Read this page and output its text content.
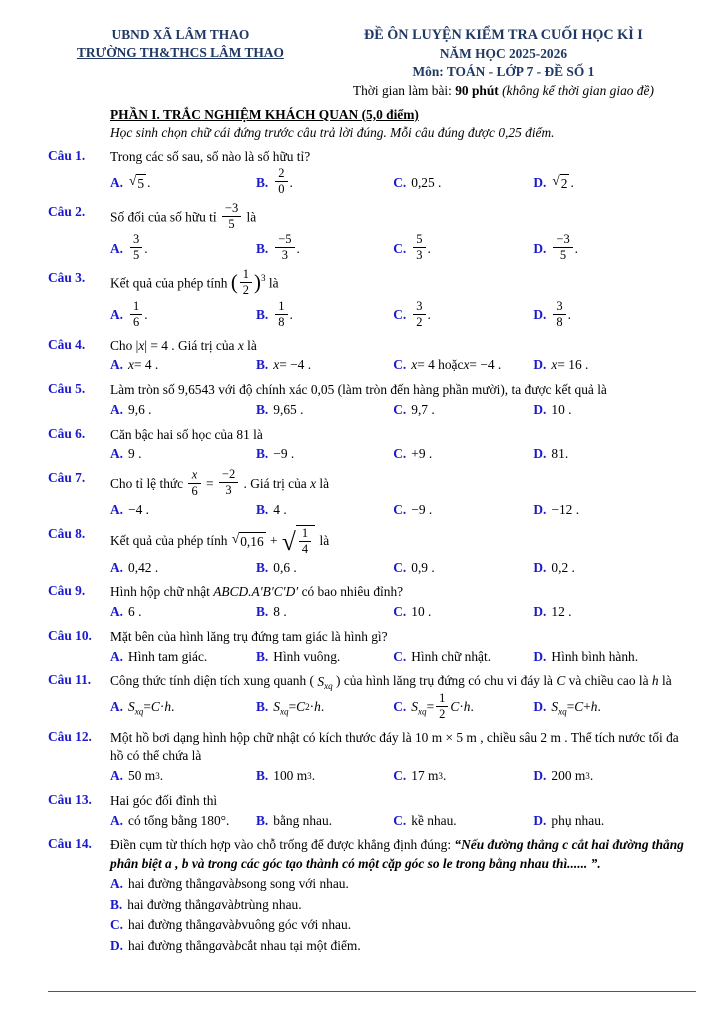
UBND XÃ LÂM THAO
TRƯỜNG TH&THCS LÂM THAO
ĐỀ ÔN LUYỆN KIỂM TRA CUỐI HỌC KÌ I
NĂM HỌC 2025-2026
Môn: TOÁN - LỚP 7 - ĐỀ SỐ 1
Thời gian làm bài: 90 phút (không kể thời gian giao đề)
PHẦN I. TRẮC NGHIỆM KHÁCH QUAN (5,0 điểm)
Học sinh chọn chữ cái đứng trước câu trả lời đúng. Mỗi câu đúng được 0,25 điểm.
Câu 1.	Trong các số sau, số nào là số hữu tỉ?
A. √ 5 .	B. $\frac{2}{0}$ .	C. 0,25 .	D. √ 2 .
Câu 2.	Số đối của số hữu tỉ $\frac{-3}{5}$ là
A. $\frac{3}{5}$ .	B. $\frac{-5}{3}$ .	C. $\frac{5}{3}$ .	D. $\frac{-3}{5}$ .
Câu 3.	Kết quả của phép tính ( $\frac{1}{2} )^3$ là
A. $\frac{1}{6}$ .	B. $\frac{1}{8}$ .	C. $\frac{3}{2}$ .	D. $\frac{3}{8}$ .
Câu 4.	Cho |x| = 4 . Giá trị của x là
A. x = 4 .	B. x = −4 .	C. x = 4 hoặc x = −4 . D. x = 16 .
Câu 5.	Làm tròn số 9,6543 với độ chính xác 0,05 (làm tròn đến hàng phần mười), ta được kết quả là
A. 9,6 .	B. 9,65 .	C. 9,7 .	D. 10 .
Câu 6.	Căn bậc hai số học của 81 là
A. 9 .	B. −9 .	C. +9 .	D. 81.
Câu 7.	Cho tỉ lệ thức $\frac{x}{6} = \frac{-2}{3}$ . Giá trị của x là
A. −4 .	B. 4 .	C. −9 .	D. −12 .
Câu 8.	Kết quả của phép tính √ 0,16 + √ $\frac{1}{4}$ là
A. 0,42 .	B. 0,6 .	C. 0,9 .	D. 0,2 .
Câu 9.	Hình hộp chữ nhật ABCD.A′B′C′D′ có bao nhiêu đỉnh?
A. 6 .	B. 8 .	C. 10 .	D. 12 .
Câu 10.	Mặt bên của hình lăng trụ đứng tam giác là hình gì?
A. Hình tam giác.	B. Hình vuông.	C. Hình chữ nhật.	D. Hình bình hành.
Câu 11.	Công thức tính diện tích xung quanh ( $S_{xq}$ ) của hình lăng trụ đứng có chu vi đáy là C và chiều cao là h là
A. $S_{xq} = C \cdot h$ .	B. $S_{xq} = C$ 2 · h .	C. $S_{xq} = \frac{1}{2}$ C · h .	D. $S_{xq} = C + h$ .
Câu 12.	Một hồ bơi dạng hình hộp chữ nhật có kích thước đáy là 10 m × 5 m , chiều sâu 2 m . Thể tích nước tối đa hồ có thể chứa là
A. 50 m 3 .	B. 100 m 3 .	C. 17 m 3 .	D. 200 m 3 .
Câu 13.	Hai góc đối đỉnh thì
A. có tổng bằng 180°. B. bằng nhau.	C. kề nhau.	D. phụ nhau.
Câu 14.	Điền cụm từ thích hợp vào chỗ trống để được khẳng định đúng: “Nếu đường thẳng c cắt hai đường thẳng phân biệt a , b và trong các góc tạo thành có một cặp góc so le trong bằng nhau thì...... ”.
A. hai đường thẳng a và b song song với nhau.
B. hai đường thẳng a và b trùng nhau.
C. hai đường thẳng a và b vuông góc với nhau.
D. hai đường thẳng a và b cắt nhau tại một điểm.
